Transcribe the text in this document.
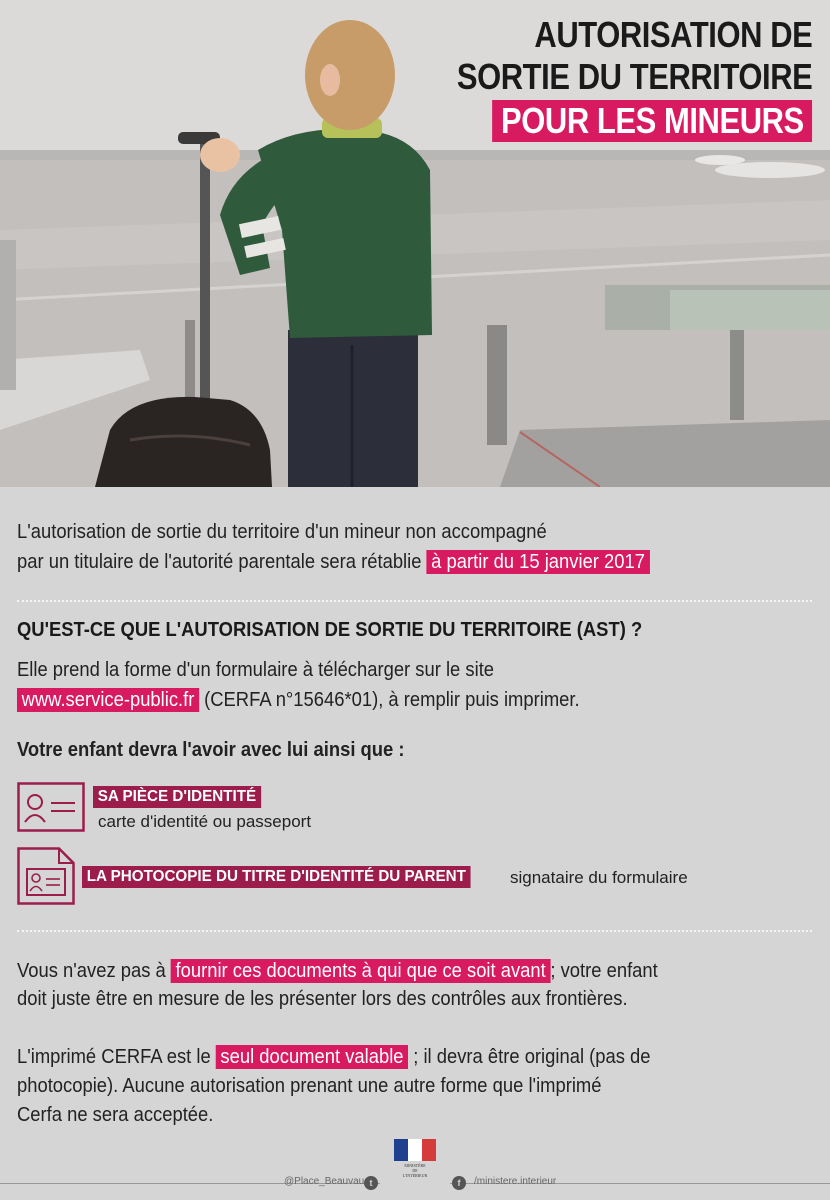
AUTORISATION DE
SORTIE DU TERRITOIRE
POUR LES MINEURS
L'autorisation de sortie du territoire d'un mineur non accompagné
par un titulaire de l'autorité parentale sera rétablie à partir du 15 janvier 2017
QU'EST-CE QUE L'AUTORISATION DE SORTIE DU TERRITOIRE (AST) ?
Elle prend la forme d'un formulaire à télécharger sur le site
www.service-public.fr (CERFA n°15646*01), à remplir puis imprimer.
Votre enfant devra l'avoir avec lui ainsi que :
SA PIÈCE D'IDENTITÉ
carte d'identité ou passeport
LA PHOTOCOPIE DU TITRE D'IDENTITÉ DU PARENT	signataire du formulaire
Vous n'avez pas à fournir ces documents à qui que ce soit avant ; votre enfant
doit juste être en mesure de les présenter lors des contrôles aux frontières.
L'imprimé CERFA est le seul document valable ; il devra être original (pas de
photocopie). Aucune autorisation prenant une autre forme que l'imprimé
Cerfa ne sera acceptée.
@Place_Beauvau t	f	/ministere.interieur
MINISTÈRE
DE
L'INTÉRIEUR
